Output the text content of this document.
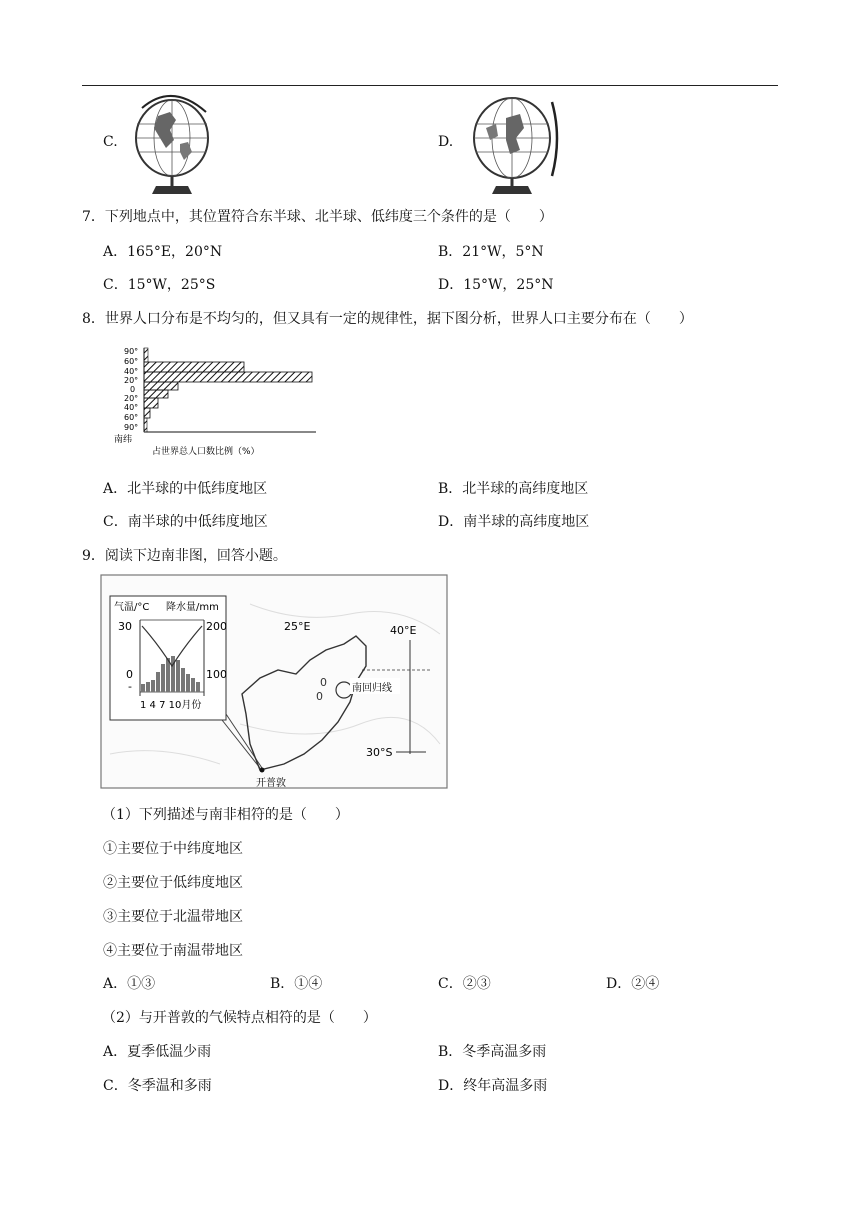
C.	D.
7．下列地点中，其位置符合东半球、北半球、低纬度三个条件的是（　　）
A．165°E，20°N	B．21°W，5°N
C．15°W，25°S	D．15°W，25°N
8．世界人口分布是不均匀的，但又具有一定的规律性，据下图分析，世界人口主要分布在（　　）
90°
60°
40°
20°
0
20°
40°
60°
90°
南纬
占世界总人口数比例（%）
A．北半球的中低纬度地区	B．北半球的高纬度地区
C．南半球的中低纬度地区	D．南半球的高纬度地区
9．阅读下边南非图，回答小题。
气温/°C 降水量/mm
30
0
-
200
100
1 4 7 10月份
0
0
25°E	40°E
南回归线
30°S
开普敦
（1）下列描述与南非相符的是（　　）
①主要位于中纬度地区
②主要位于低纬度地区
③主要位于北温带地区
④主要位于南温带地区
A．①③	B．①④	C．②③	D．②④
（2）与开普敦的气候特点相符的是（　　）
A．夏季低温少雨	B．冬季高温多雨
C．冬季温和多雨	D．终年高温多雨
